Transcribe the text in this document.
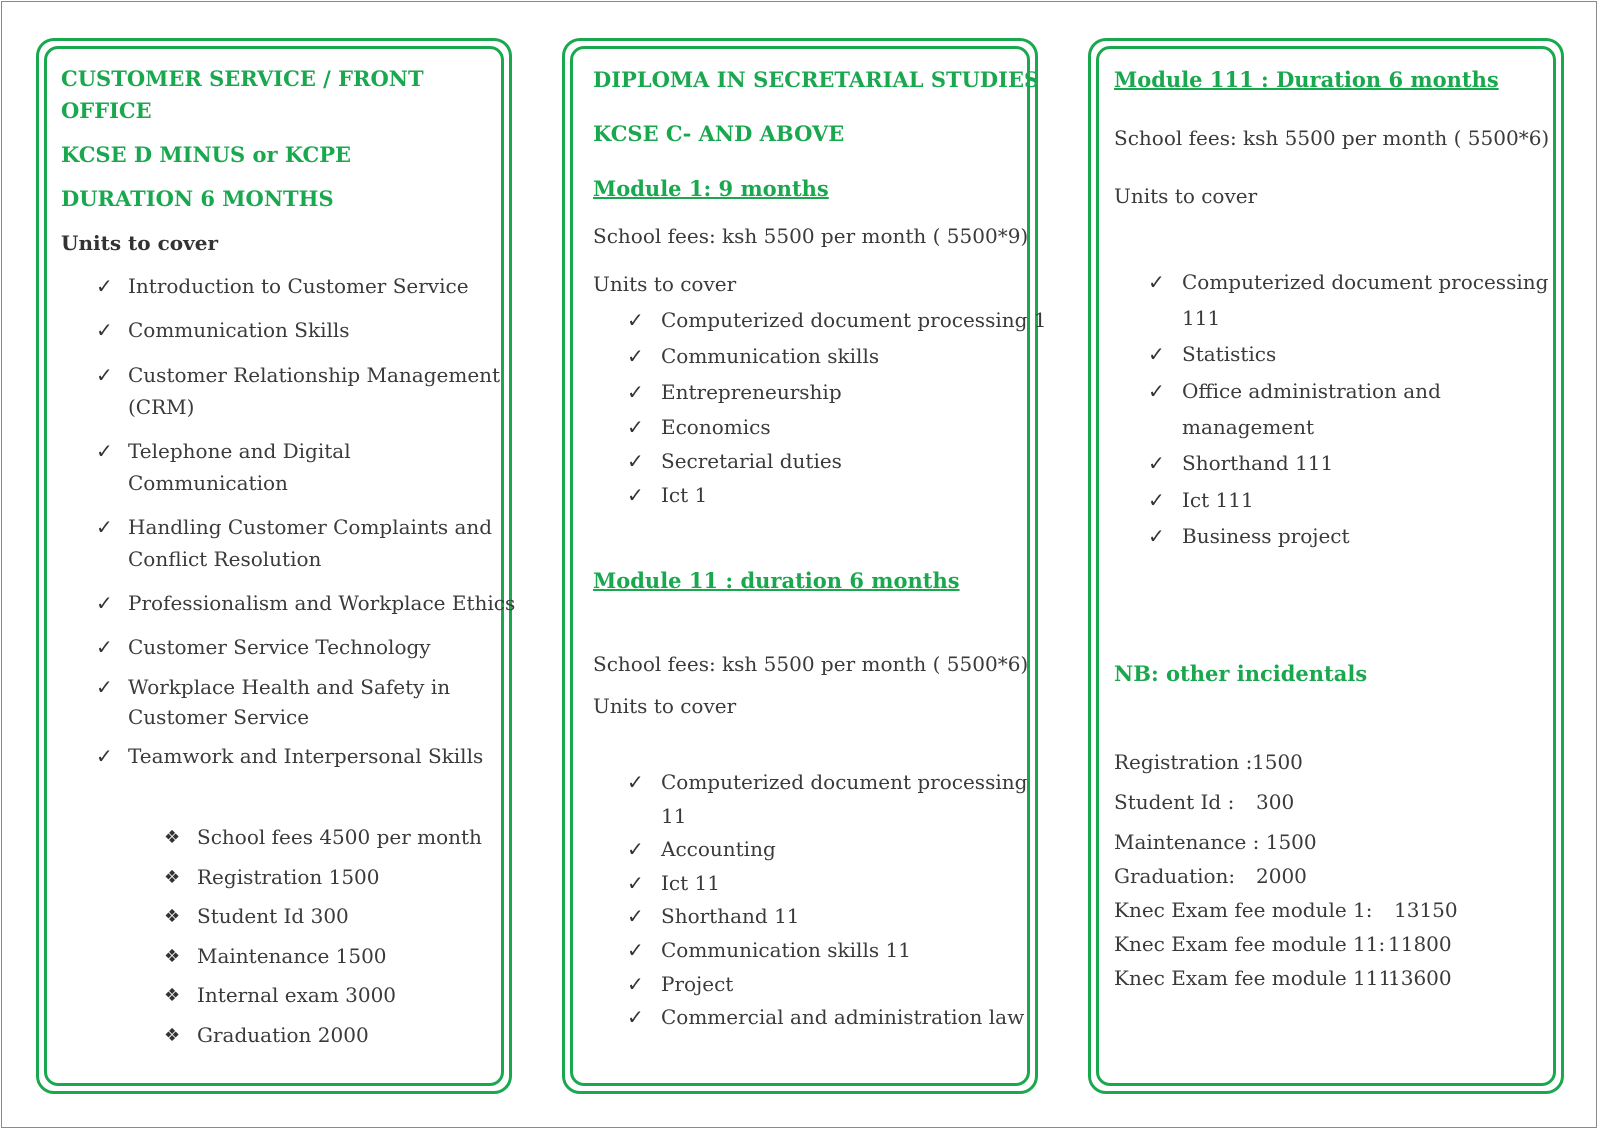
CUSTOMER SERVICE / FRONT
OFFICE
KCSE D MINUS or KCPE
DURATION 6 MONTHS
Units to cover
✓ Introduction to Customer Service
✓ Communication Skills
✓ Customer Relationship Management
(CRM)
✓ Telephone and Digital
Communication
✓ Handling Customer Complaints and
Conflict Resolution
✓ Professionalism and Workplace Ethics
✓ Customer Service Technology
✓ Workplace Health and Safety in
Customer Service
✓ Teamwork and Interpersonal Skills
❖ School fees 4500 per month
❖ Registration 1500
❖ Student Id 300
❖ Maintenance 1500
❖ Internal exam 3000
❖ Graduation 2000
DIPLOMA IN SECRETARIAL STUDIES
KCSE C- AND ABOVE
Module 1: 9 months
School fees: ksh 5500 per month ( 5500*9)
Units to cover
✓ Computerized document processing 1
✓ Communication skills
✓ Entrepreneurship
✓ Economics
✓ Secretarial duties
✓ Ict 1
Module 11 : duration 6 months
School fees: ksh 5500 per month ( 5500*6)
Units to cover
✓ Computerized document processing
11
✓ Accounting
✓ Ict 11
✓ Shorthand 11
✓ Communication skills 11
✓ Project
✓ Commercial and administration law
Module 111 : Duration 6 months
School fees: ksh 5500 per month ( 5500*6)
Units to cover
✓ Computerized document processing
111
✓ Statistics
✓ Office administration and
management
✓ Shorthand 111
✓ Ict 111
✓ Business project
NB: other incidentals
Registration : 1500
Student Id : 300
Maintenance : 1500
Graduation: 2000
Knec Exam fee module 1: 13150
Knec Exam fee module 11: 11800
Knec Exam fee module 111:
13600
